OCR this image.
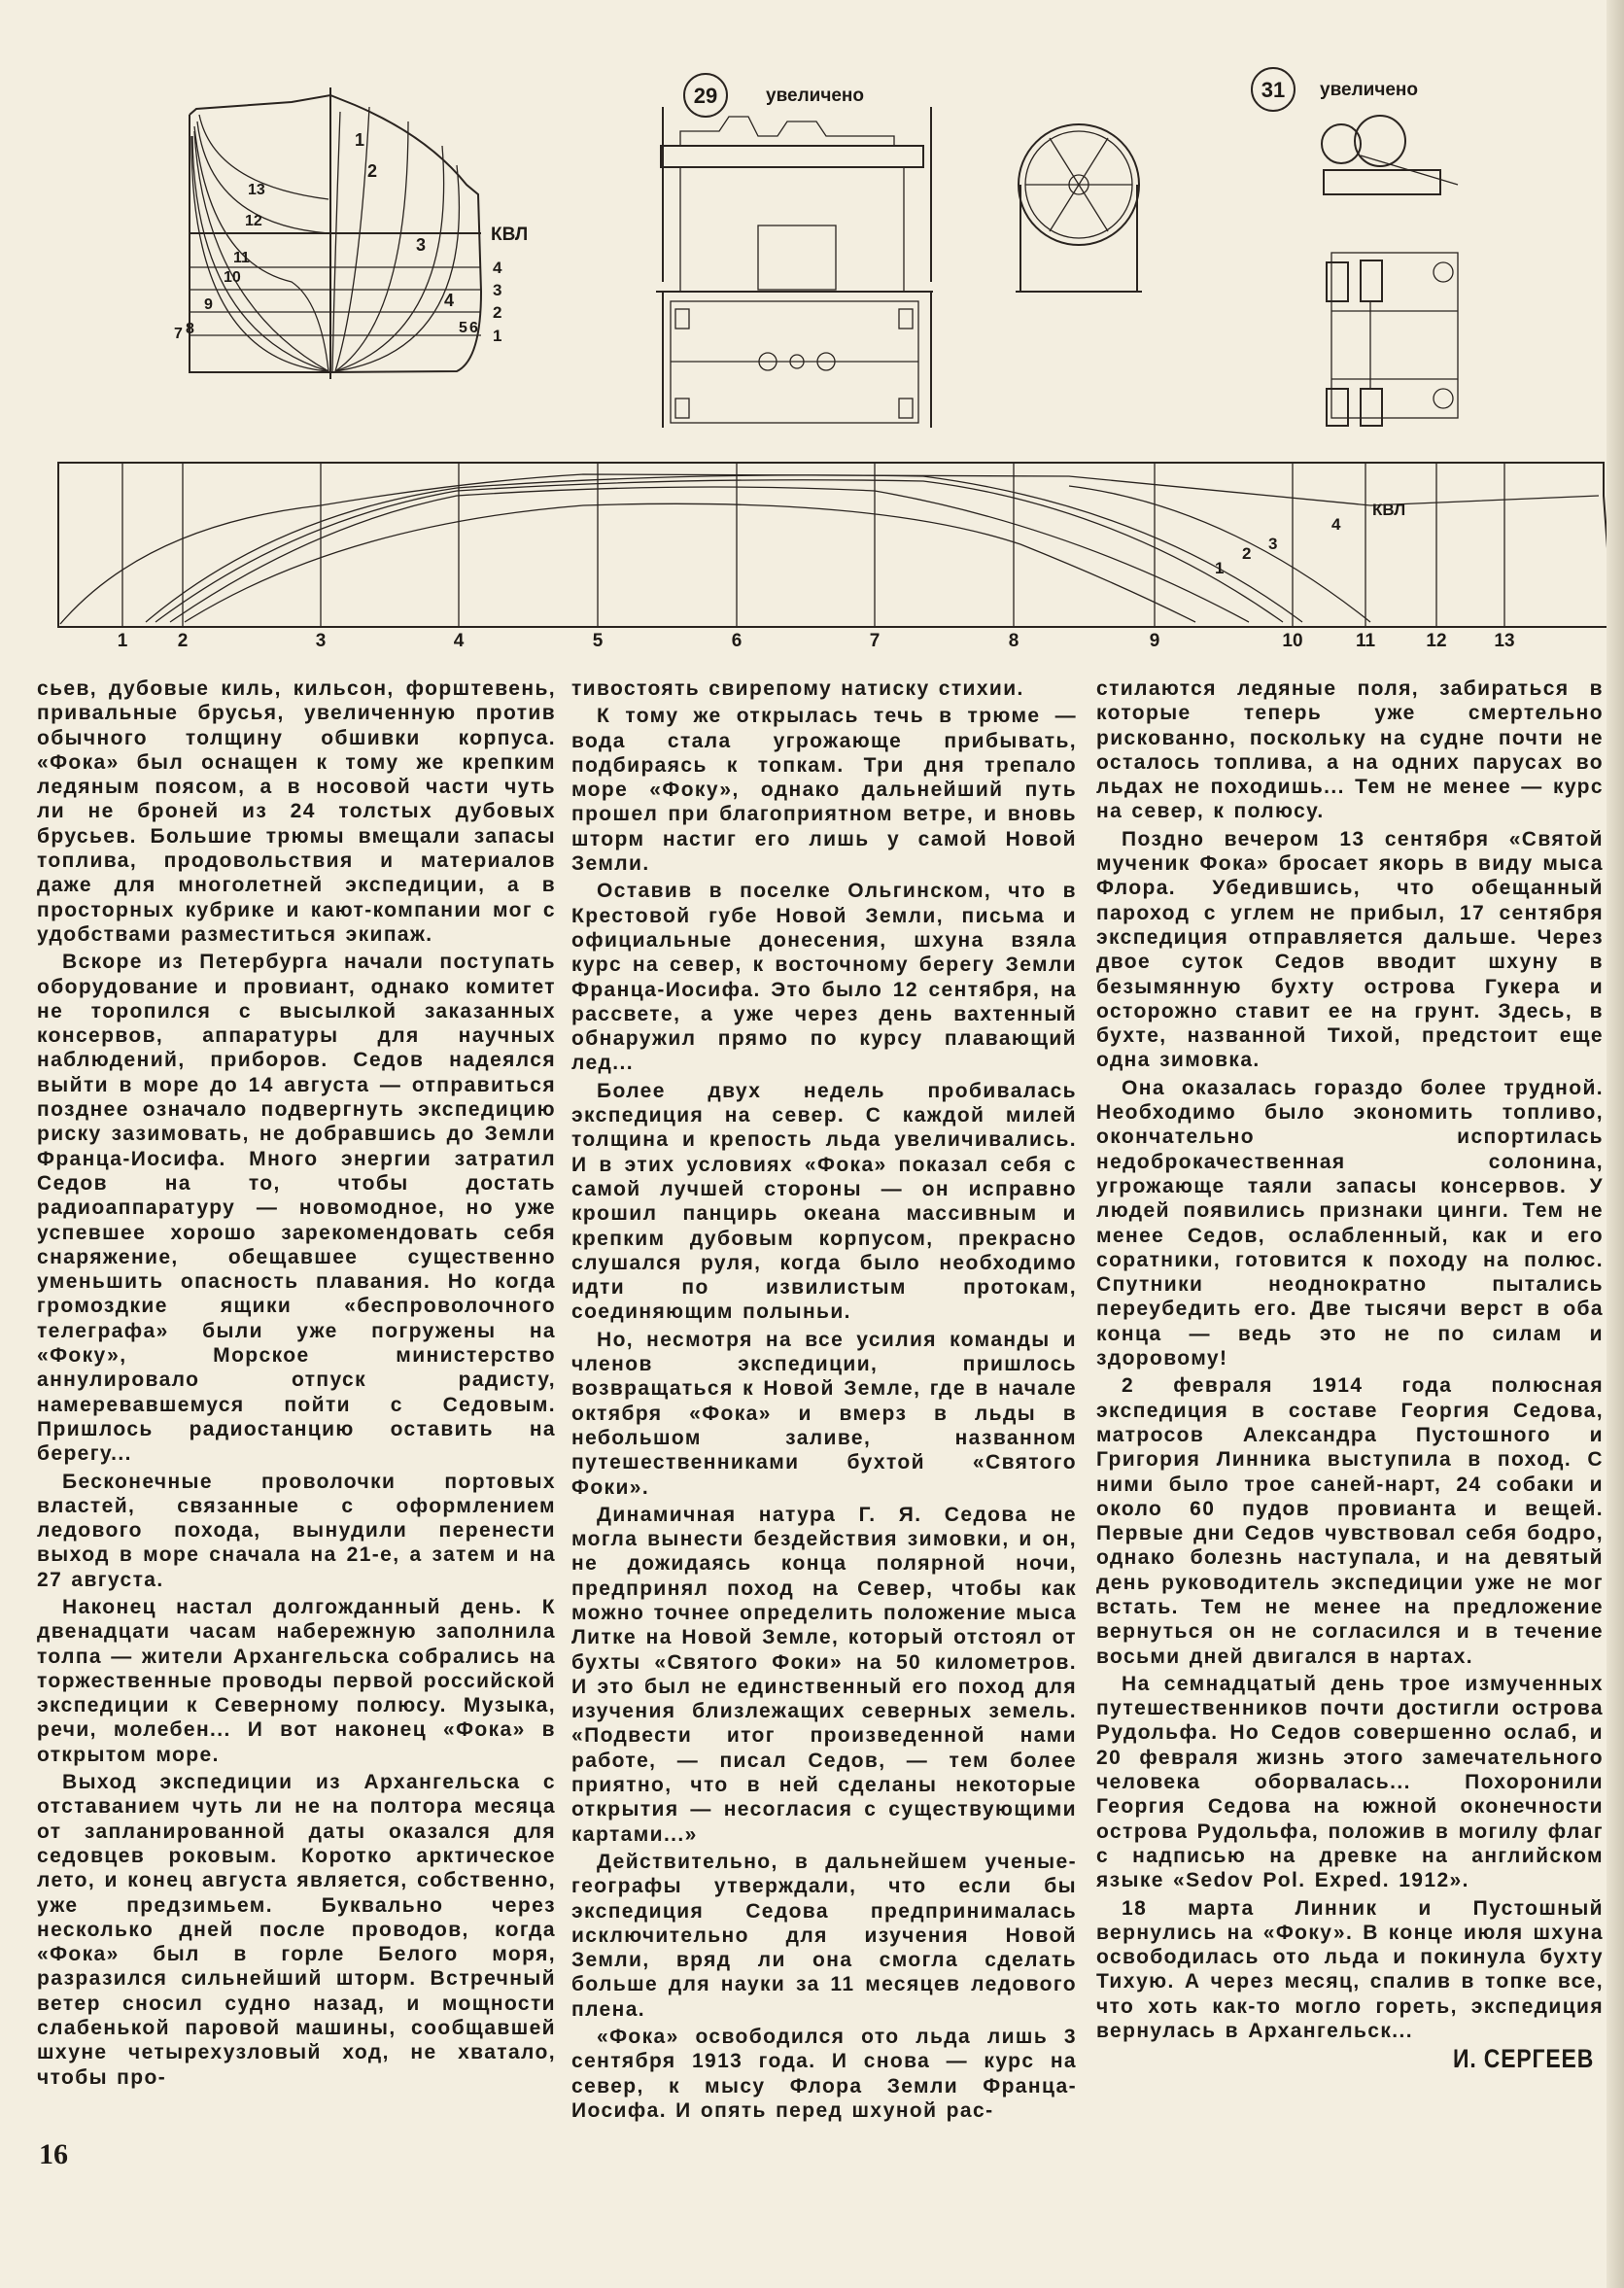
1
2
3
4
5 6
7 8
9
10
11
12
13
КВЛ
4
3
2
1
29	увеличено	31 увеличено
1
2
3
4
КВЛ
1	2	3	4	5	6	7	8	9	10	11	12	13

сьев, дубовые киль, кильсон, форштевень, привальные брусья, увеличенную против обычного толщину обшивки корпуса. «Фока» был оснащен к тому же крепким ледяным поясом, а в носовой части чуть ли не броней из 24 толстых дубовых брусьев. Большие трюмы вмещали запасы топлива, продовольствия и материалов даже для многолетней экспедиции, а в просторных кубрике и кают-компании мог с удобствами разместиться экипаж.

Вскоре из Петербурга начали поступать оборудование и провиант, однако комитет не торопился с высылкой заказанных консервов, аппаратуры для научных наблюдений, приборов. Седов надеялся выйти в море до 14 августа — отправиться позднее означало подвергнуть экспедицию риску зазимовать, не добравшись до Земли Франца-Иосифа. Много энергии затратил Седов на то, чтобы достать радиоаппаратуру — новомодное, но уже успевшее хорошо зарекомендовать себя снаряжение, обещавшее существенно уменьшить опасность плавания. Но когда громоздкие ящики «беспроволочного телеграфа» были уже погружены на «Фоку», Морское министерство аннулировало отпуск радисту, намеревавшемуся пойти с Седовым. Пришлось радиостанцию оставить на берегу...

Бесконечные проволочки портовых властей, связанные с оформлением ледового похода, вынудили перенести выход в море сначала на 21-е, а затем и на 27 августа.

Наконец настал долгожданный день. К двенадцати часам набережную заполнила толпа — жители Архангельска собрались на торжественные проводы первой российской экспедиции к Северному полюсу. Музыка, речи, молебен... И вот наконец «Фока» в открытом море.

Выход экспедиции из Архангельска с отставанием чуть ли не на полтора месяца от запланированной даты оказался для седовцев роковым. Коротко арктическое лето, и конец августа является, собственно, уже предзимьем. Буквально через несколько дней после проводов, когда «Фока» был в горле Белого моря, разразился сильнейший шторм. Встречный ветер сносил судно назад, и мощности слабенькой паровой машины, сообщавшей шхуне четырехузловый ход, не хватало, чтобы про-

тивостоять свирепому натиску стихии.

К тому же открылась течь в трюме — вода стала угрожающе прибывать, подбираясь к топкам. Три дня трепало море «Фоку», однако дальнейший путь прошел при благоприятном ветре, и вновь шторм настиг его лишь у самой Новой Земли.

Оставив в поселке Ольгинском, что в Крестовой губе Новой Земли, письма и официальные донесения, шхуна взяла курс на север, к восточному берегу Земли Франца-Иосифа. Это было 12 сентября, на рассвете, а уже через день вахтенный обнаружил прямо по курсу плавающий лед...

Более двух недель пробивалась экспедиция на север. С каждой милей толщина и крепость льда увеличивались. И в этих условиях «Фока» показал себя с самой лучшей стороны — он исправно крошил панцирь океана массивным и крепким дубовым корпусом, прекрасно слушался руля, когда было необходимо идти по извилистым протокам, соединяющим полыньи.

Но, несмотря на все усилия команды и членов экспедиции, пришлось возвращаться к Новой Земле, где в начале октября «Фока» и вмерз в льды в небольшом заливе, названном путешественниками бухтой «Святого Фоки».

Динамичная натура Г. Я. Седова не могла вынести бездействия зимовки, и он, не дожидаясь конца полярной ночи, предпринял поход на Север, чтобы как можно точнее определить положение мыса Литке на Новой Земле, который отстоял от бухты «Святого Фоки» на 50 километров. И это был не единственный его поход для изучения близлежащих северных земель. «Подвести итог произведенной нами работе, — писал Седов, — тем более приятно, что в ней сделаны некоторые открытия — несогласия с существующими картами...»

Действительно, в дальнейшем ученые-географы утверждали, что если бы экспедиция Седова предпринималась исключительно для изучения Новой Земли, вряд ли она смогла сделать больше для науки за 11 месяцев ледового плена.

«Фока» освободился ото льда лишь 3 сентября 1913 года. И снова — курс на север, к мысу Флора Земли Франца-Иосифа. И опять перед шхуной рас-

стилаются ледяные поля, забираться в которые теперь уже смертельно рискованно, поскольку на судне почти не осталось топлива, а на одних парусах во льдах не походишь... Тем не менее — курс на север, к полюсу.

Поздно вечером 13 сентября «Святой мученик Фока» бросает якорь в виду мыса Флора. Убедившись, что обещанный пароход с углем не прибыл, 17 сентября экспедиция отправляется дальше. Через двое суток Седов вводит шхуну в безымянную бухту острова Гукера и осторожно ставит ее на грунт. Здесь, в бухте, названной Тихой, предстоит еще одна зимовка.

Она оказалась гораздо более трудной. Необходимо было экономить топливо, окончательно испортилась недоброкачественная солонина, угрожающе таяли запасы консервов. У людей появились признаки цинги. Тем не менее Седов, ослабленный, как и его соратники, готовится к походу на полюс. Спутники неоднократно пытались переубедить его. Две тысячи верст в оба конца — ведь это не по силам и здоровому!

2 февраля 1914 года полюсная экспедиция в составе Георгия Седова, матросов Александра Пустошного и Григория Линника выступила в поход. С ними было трое саней-нарт, 24 собаки и около 60 пудов провианта и вещей. Первые дни Седов чувствовал себя бодро, однако болезнь наступала, и на девятый день руководитель экспедиции уже не мог встать. Тем не менее на предложение вернуться он не согласился и в течение восьми дней двигался в нартах.

На семнадцатый день трое измученных путешественников почти достигли острова Рудольфа. Но Седов совершенно ослаб, и 20 февраля жизнь этого замечательного человека оборвалась... Похоронили Георгия Седова на южной оконечности острова Рудольфа, положив в могилу флаг с надписью на древке на английском языке «Sedov Pol. Exped. 1912».

18 марта Линник и Пустошный вернулись на «Фоку». В конце июля шхуна освободилась ото льда и покинула бухту Тихую. А через месяц, спалив в топке все, что хоть как-то могло гореть, экспедиция вернулась в Архангельск...

И. СЕРГЕЕВ
16
